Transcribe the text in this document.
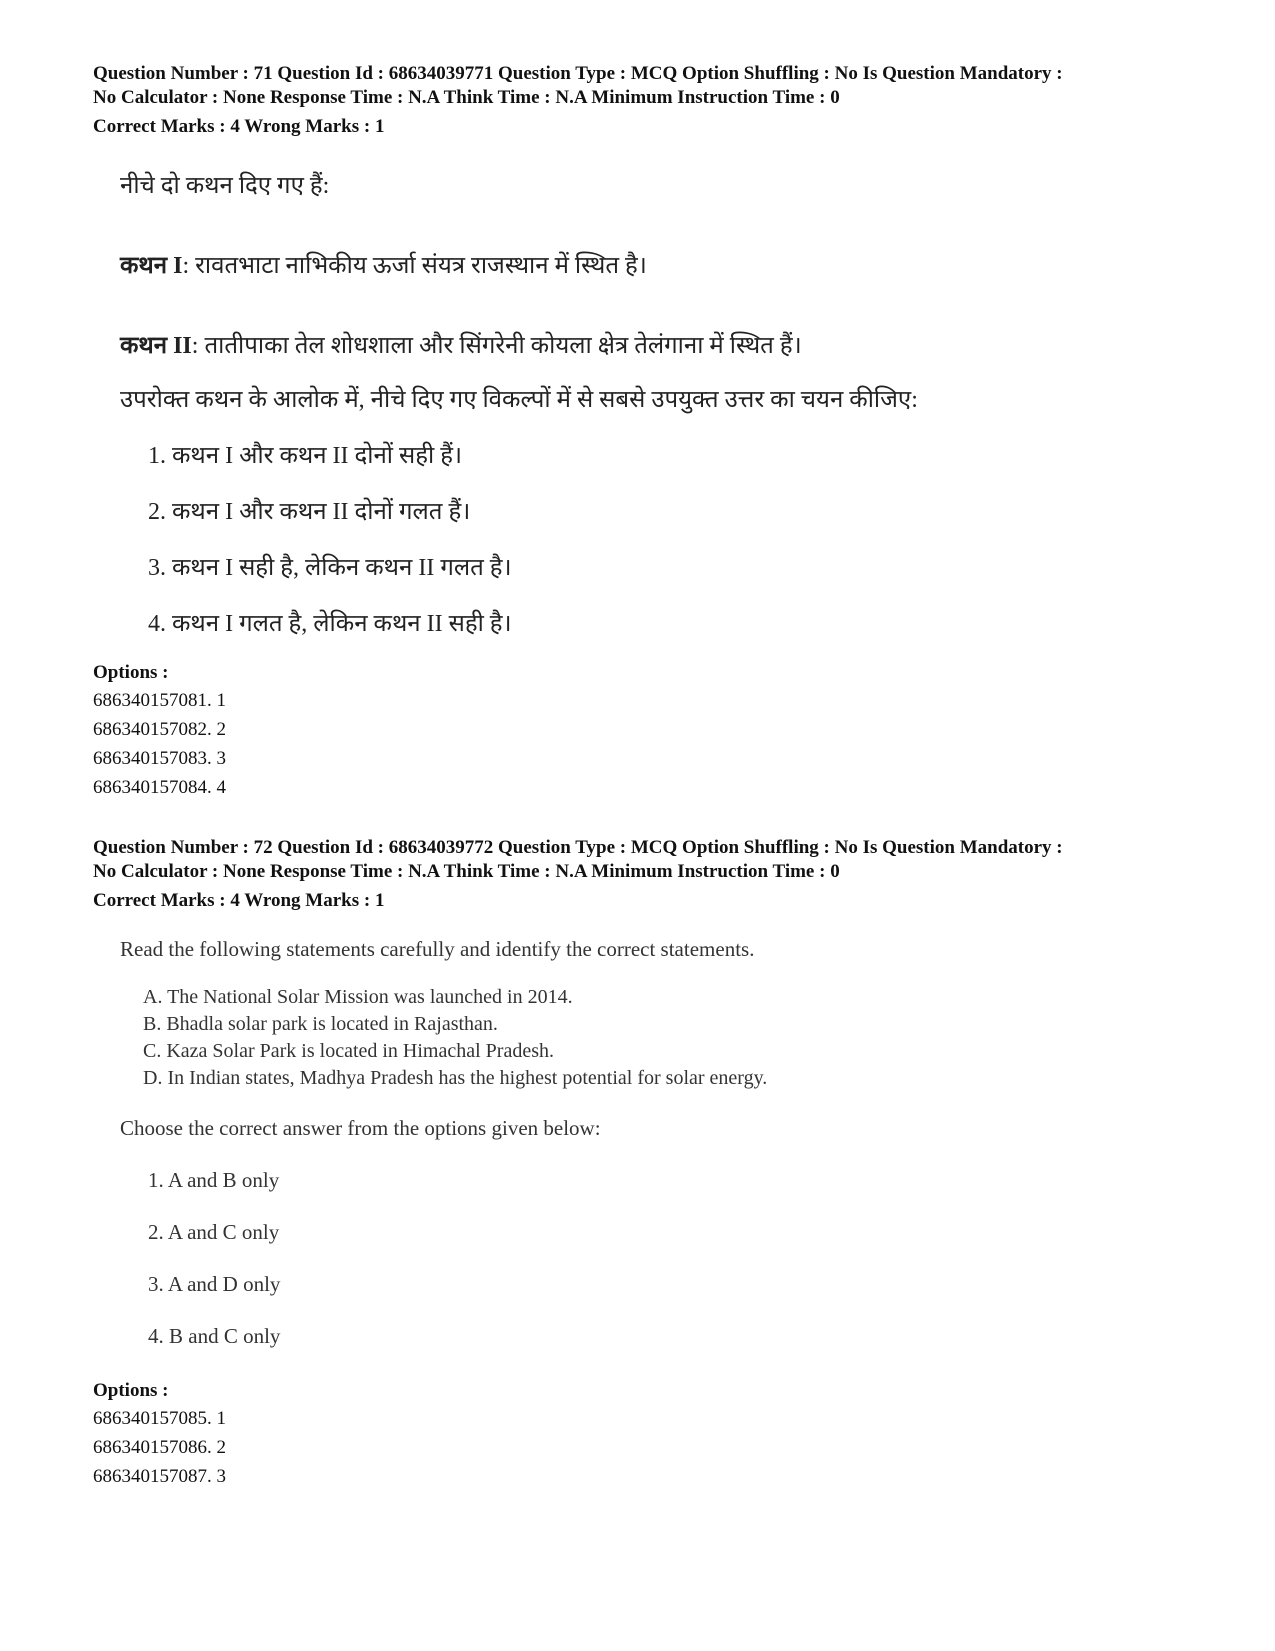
Question Number : 71 Question Id : 68634039771 Question Type : MCQ Option Shuffling : No Is Question Mandatory :
No Calculator : None Response Time : N.A Think Time : N.A Minimum Instruction Time : 0
Correct Marks : 4 Wrong Marks : 1
नीचे दो कथन दिए गए हैं:
कथन I: रावतभाटा नाभिकीय ऊर्जा संयत्र राजस्थान में स्थित है।
कथन II: तातीपाका तेल शोधशाला और सिंगरेनी कोयला क्षेत्र तेलंगाना में स्थित हैं।
उपरोक्त कथन के आलोक में, नीचे दिए गए विकल्पों में से सबसे उपयुक्त उत्तर का चयन कीजिए:
1. कथन I और कथन II दोनों सही हैं।
2. कथन I और कथन II दोनों गलत हैं।
3. कथन I सही है, लेकिन कथन II गलत है।
4. कथन I गलत है, लेकिन कथन II सही है।
Options :
686340157081. 1
686340157082. 2
686340157083. 3
686340157084. 4
Question Number : 72 Question Id : 68634039772 Question Type : MCQ Option Shuffling : No Is Question Mandatory :
No Calculator : None Response Time : N.A Think Time : N.A Minimum Instruction Time : 0
Correct Marks : 4 Wrong Marks : 1
Read the following statements carefully and identify the correct statements.
A. The National Solar Mission was launched in 2014.
B. Bhadla solar park is located in Rajasthan.
C. Kaza Solar Park is located in Himachal Pradesh.
D. In Indian states, Madhya Pradesh has the highest potential for solar energy.
Choose the correct answer from the options given below:
1. A and B only
2. A and C only
3. A and D only
4. B and C only
Options :
686340157085. 1
686340157086. 2
686340157087. 3
